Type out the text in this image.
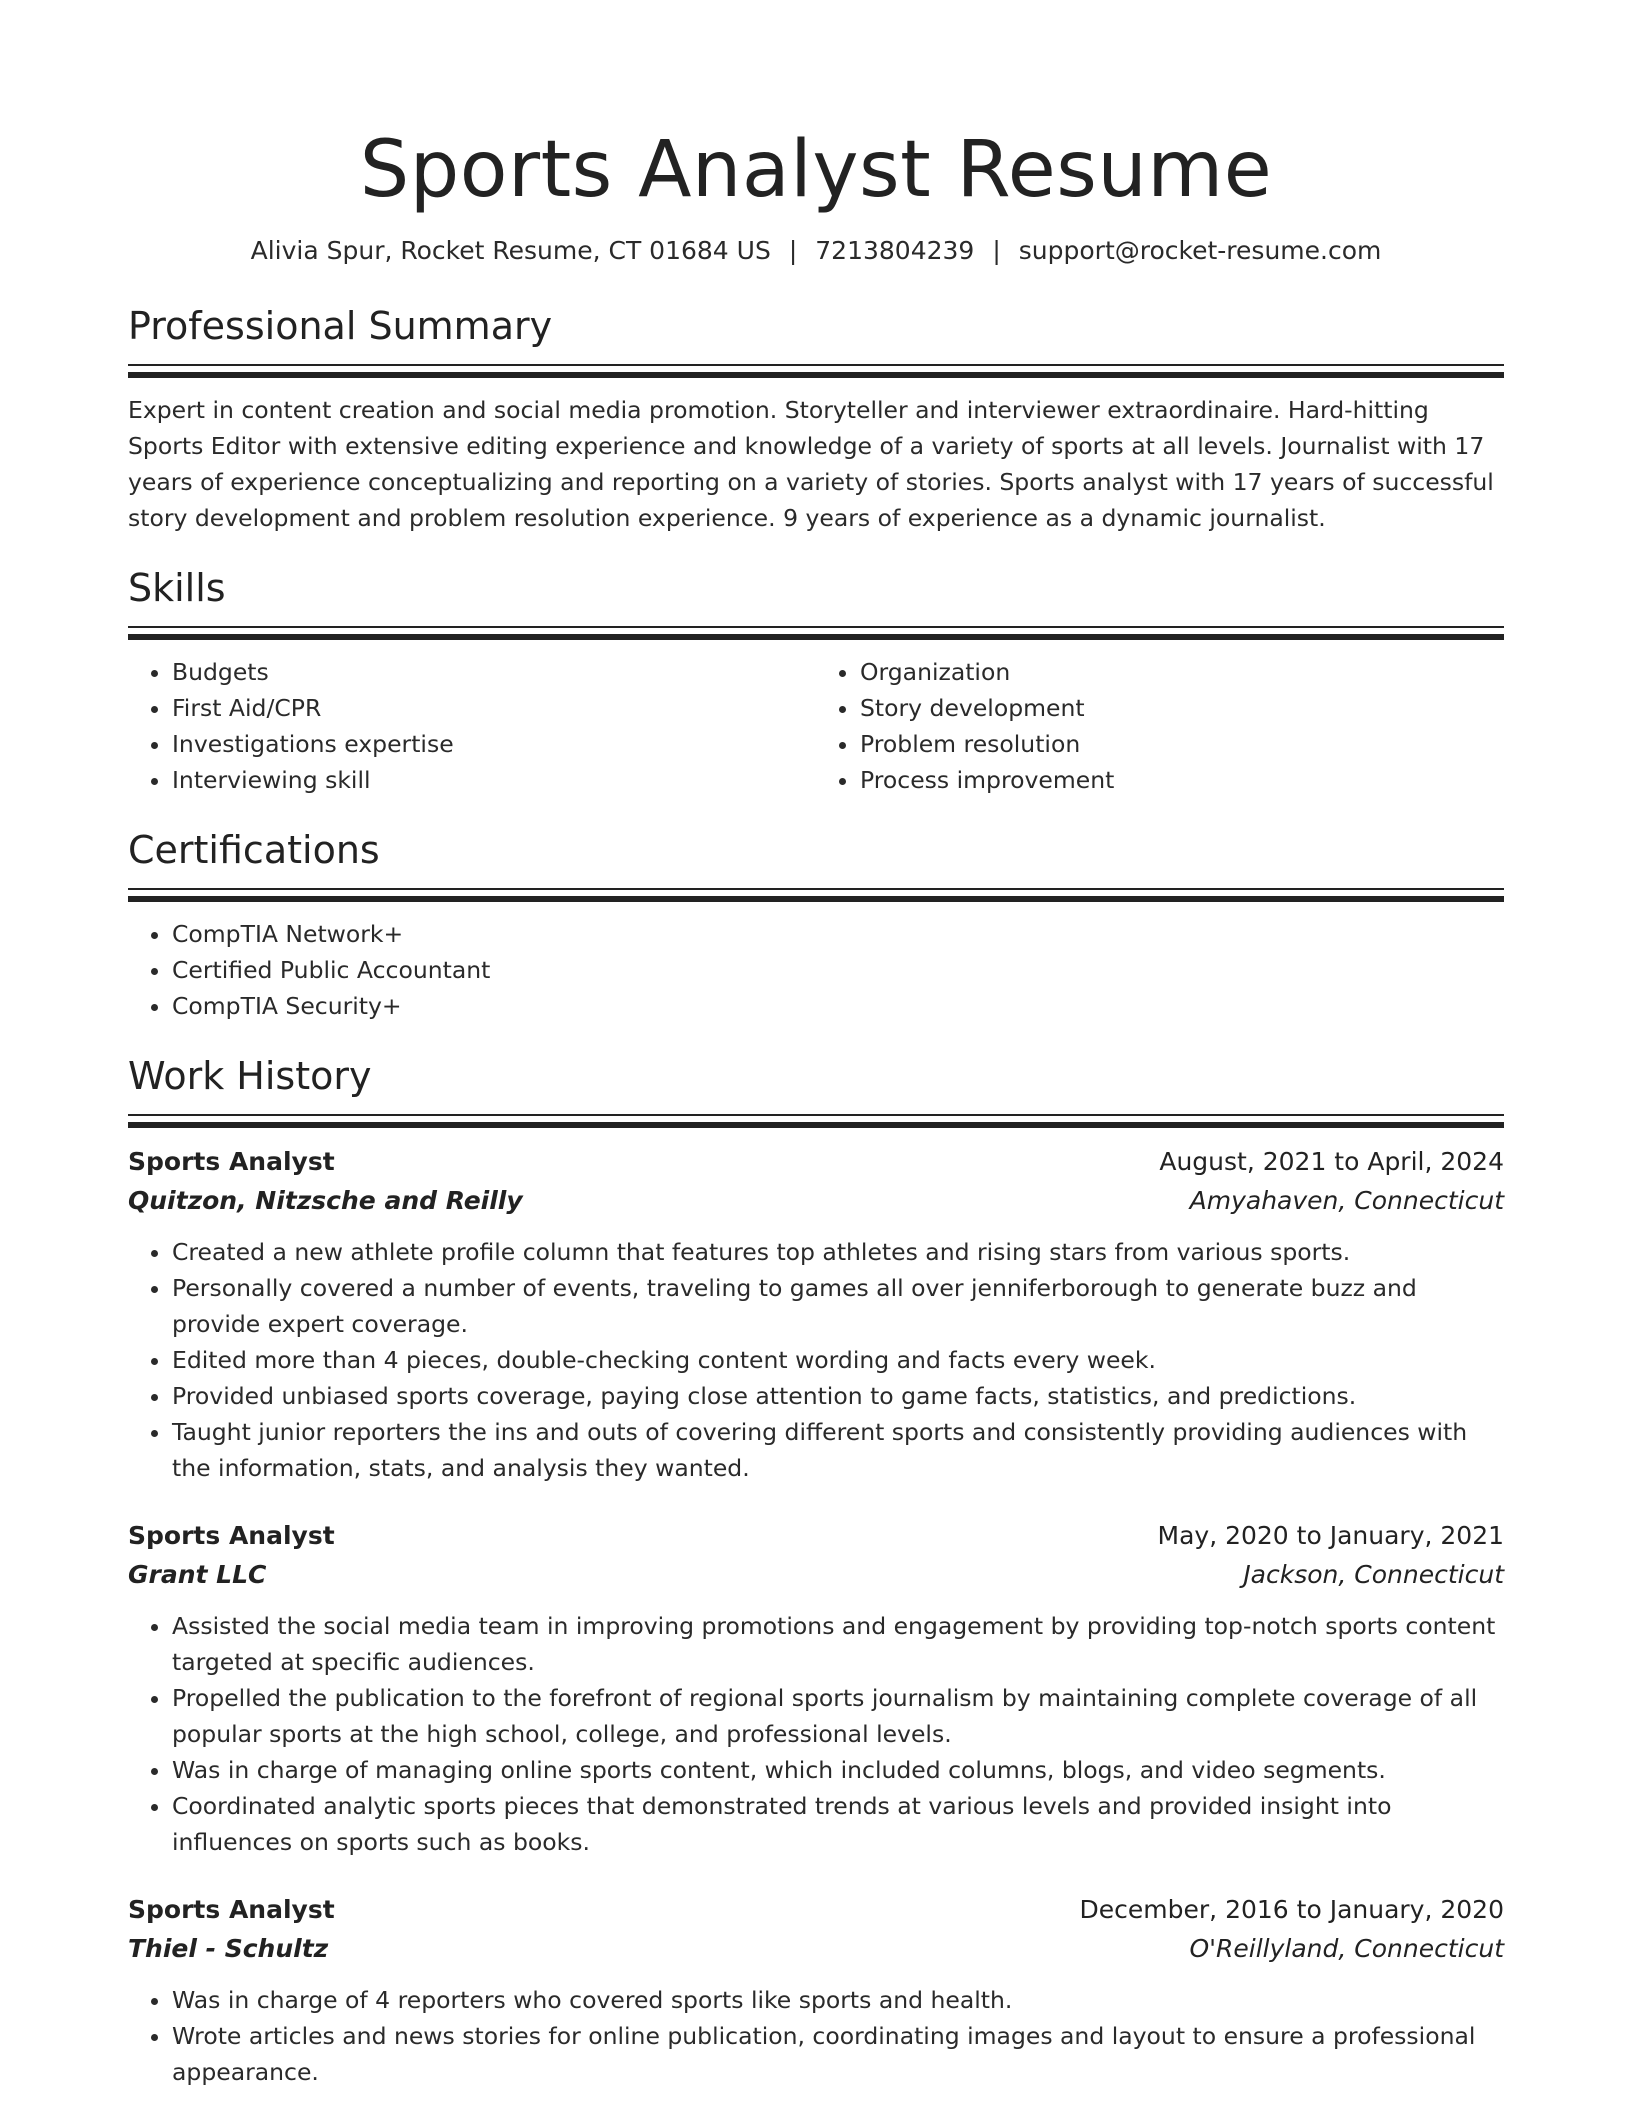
Sports Analyst Resume
Alivia Spur, Rocket Resume, CT 01684 US | 7213804239 | support@rocket-resume.com
Professional Summary

Expert in content creation and social media promotion. Storyteller and interviewer extraordinaire. Hard-hitting Sports Editor with extensive editing experience and knowledge of a variety of sports at all levels. Journalist with 17 years of experience conceptualizing and reporting on a variety of stories. Sports analyst with 17 years of successful story development and problem resolution experience. 9 years of experience as a dynamic journalist.

Skills
• Budgets
• First Aid/CPR
• Investigations expertise
• Interviewing skill
• Organization
• Story development
• Problem resolution
• Process improvement
Certifications
• CompTIA Network+
• Certified Public Accountant
• CompTIA Security+
Work History
Sports Analyst	August, 2021 to April, 2024
Quitzon, Nitzsche and Reilly	Amyahaven, Connecticut
• Created a new athlete profile column that features top athletes and rising stars from various sports.
• Personally covered a number of events, traveling to games all over jenniferborough to generate buzz and provide expert coverage.
• Edited more than 4 pieces, double-checking content wording and facts every week.
• Provided unbiased sports coverage, paying close attention to game facts, statistics, and predictions.
• Taught junior reporters the ins and outs of covering different sports and consistently providing audiences with the information, stats, and analysis they wanted.
Sports Analyst	May, 2020 to January, 2021
Grant LLC	Jackson, Connecticut
• Assisted the social media team in improving promotions and engagement by providing top-notch sports content targeted at specific audiences.
• Propelled the publication to the forefront of regional sports journalism by maintaining complete coverage of all popular sports at the high school, college, and professional levels.
• Was in charge of managing online sports content, which included columns, blogs, and video segments.
• Coordinated analytic sports pieces that demonstrated trends at various levels and provided insight into influences on sports such as books.
Sports Analyst	December, 2016 to January, 2020
Thiel - Schultz	O'Reillyland, Connecticut
• Was in charge of 4 reporters who covered sports like sports and health.
• Wrote articles and news stories for online publication, coordinating images and layout to ensure a professional appearance.
